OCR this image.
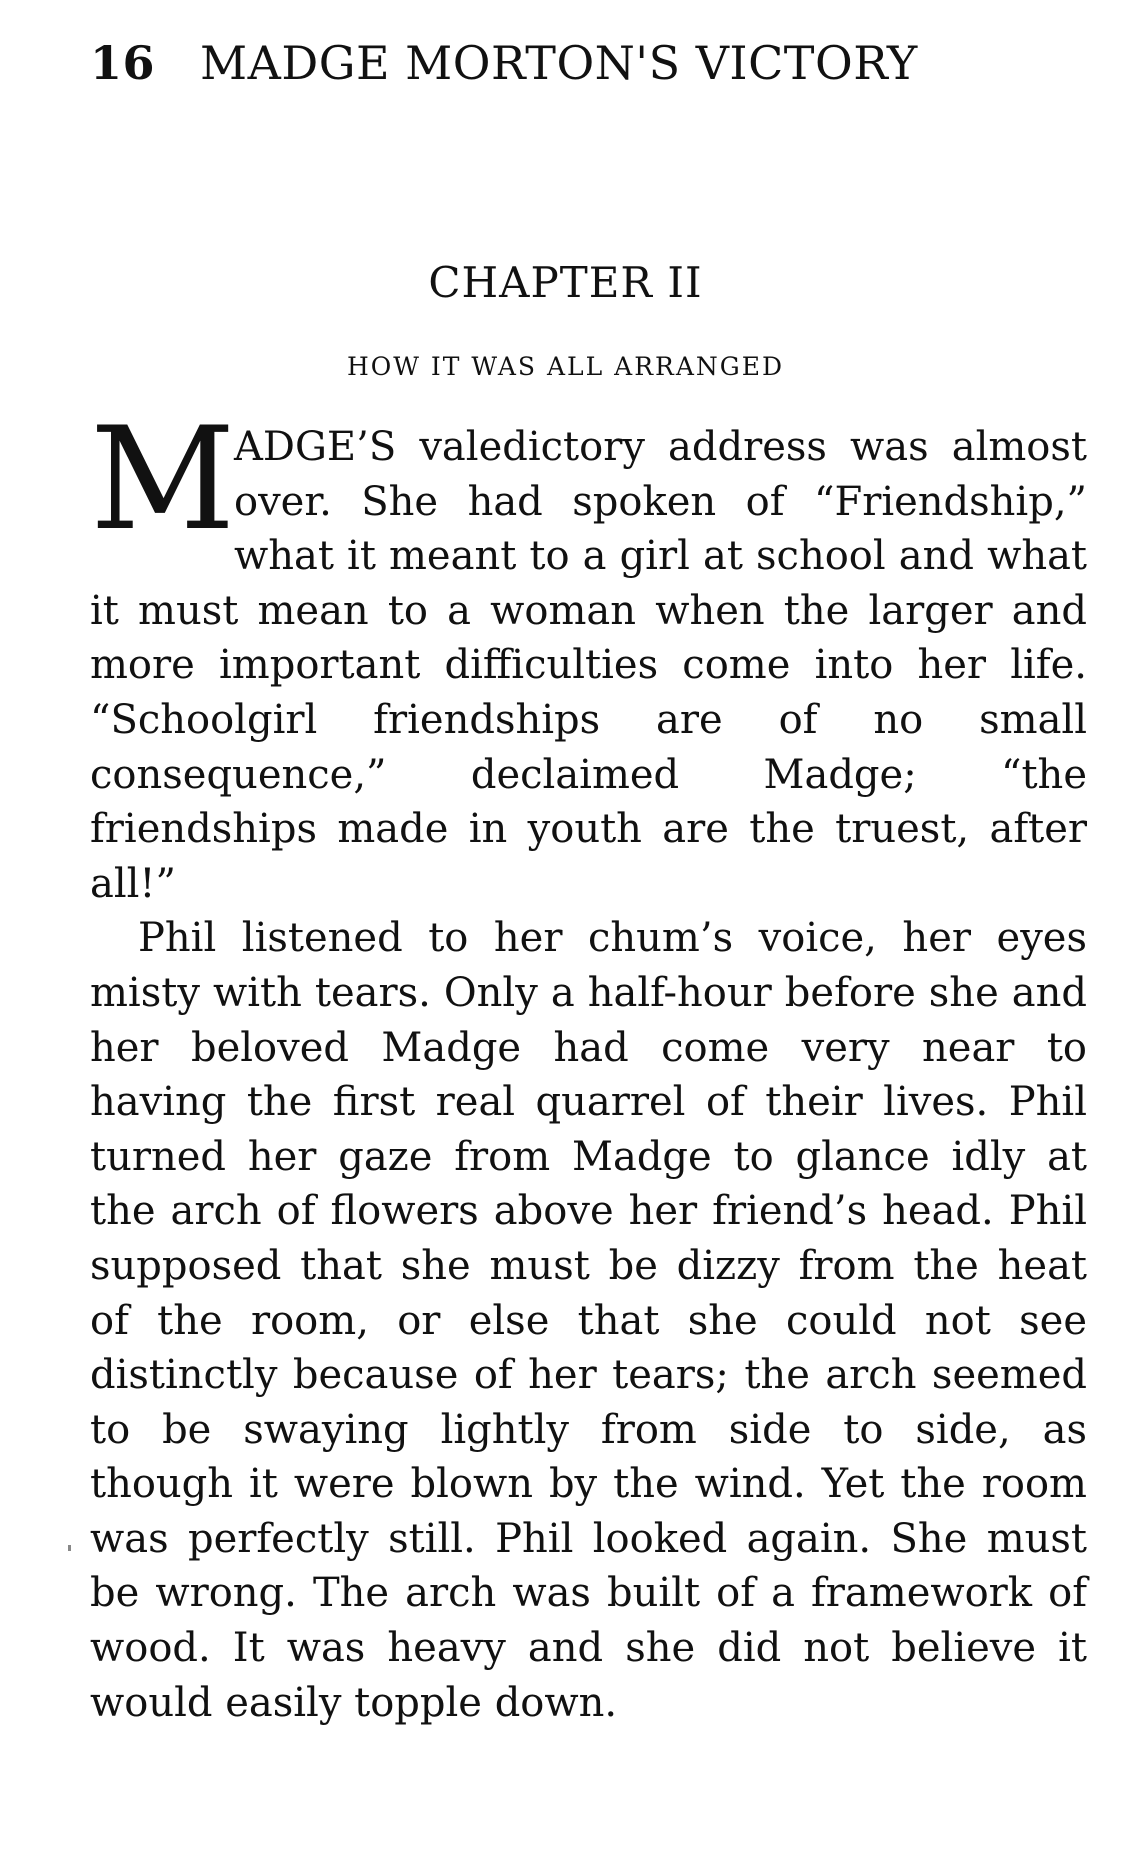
16 MADGE MORTON'S VICTORY
CHAPTER II
HOW IT WAS ALL ARRANGED

M
ADGE’S valedictory address was almost over. She had spoken of “Friendship,” what it meant to a girl at school and what it must mean to a woman when the larger and more important difficulties come into her life. “Schoolgirl friendships are of no small consequence,” declaimed Madge; “the friendships made in youth are the truest, after all!”

Phil listened to her chum’s voice, her eyes misty with tears. Only a half-hour before she and her beloved Madge had come very near to having the first real quarrel of their lives. Phil turned her gaze from Madge to glance idly at the arch of flowers above her friend’s head. Phil supposed that she must be dizzy from the heat of the room, or else that she could not see distinctly because of her tears; the arch seemed to be swaying lightly from side to side, as though it were blown by the wind. Yet the room was perfectly still. Phil looked again. She must be wrong. The arch was built of a framework of wood. It was heavy and she did not believe it would easily topple down.
